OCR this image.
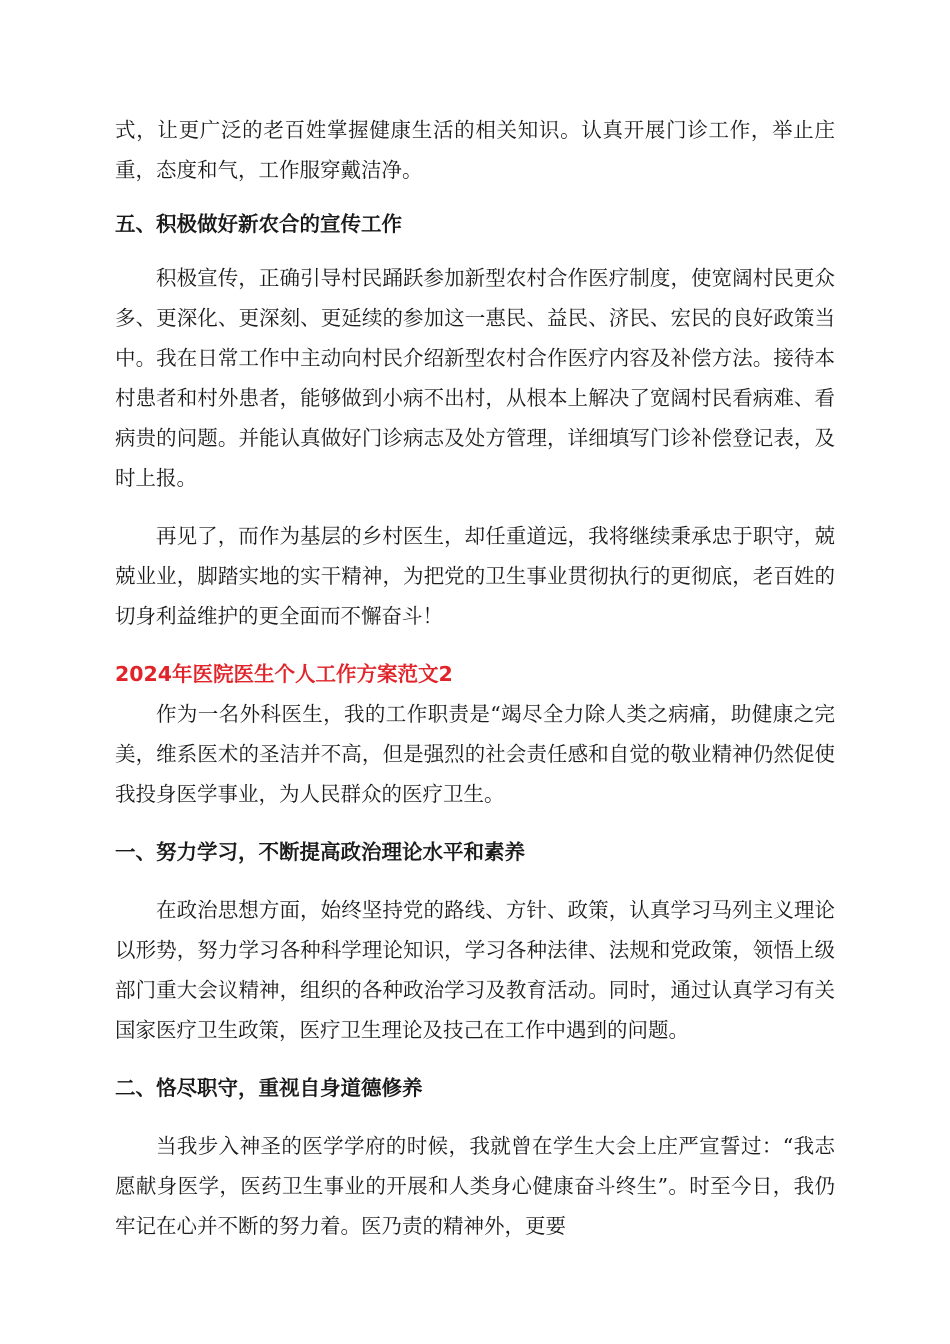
式，让更广泛的老百姓掌握健康生活的相关知识。认真开展门诊工作，举止庄重，态度和气，工作服穿戴洁净。

五、积极做好新农合的宣传工作

积极宣传，正确引导村民踊跃参加新型农村合作医疗制度，使宽阔村民更众多、更深化、更深刻、更延续的参加这一惠民、益民、济民、宏民的良好政策当中。我在日常工作中主动向村民介绍新型农村合作医疗内容及补偿方法。接待本村患者和村外患者，能够做到小病不出村，从根本上解决了宽阔村民看病难、看病贵的问题。并能认真做好门诊病志及处方管理，详细填写门诊补偿登记表，及时上报。

再见了，而作为基层的乡村医生，却任重道远，我将继续秉承忠于职守，兢兢业业，脚踏实地的实干精神，为把党的卫生事业贯彻执行的更彻底，老百姓的切身利益维护的更全面而不懈奋斗！

2024年医院医生个人工作方案范文2

作为一名外科医生，我的工作职责是“竭尽全力除人类之病痛，助健康之完美，维系医术的圣洁并不高，但是强烈的社会责任感和自觉的敬业精神仍然促使我投身医学事业，为人民群众的医疗卫生。

一、努力学习，不断提高政治理论水平和素养

在政治思想方面，始终坚持党的路线、方针、政策，认真学习马列主义理论以形势，努力学习各种科学理论知识，学习各种法律、法规和党政策，领悟上级部门重大会议精神，组织的各种政治学习及教育活动。同时，通过认真学习有关国家医疗卫生政策，医疗卫生理论及技己在工作中遇到的问题。

二、恪尽职守，重视自身道德修养

当我步入神圣的医学学府的时候，我就曾在学生大会上庄严宣誓过：“我志愿献身医学，医药卫生事业的开展和人类身心健康奋斗终生”。时至今日，我仍牢记在心并不断的努力着。医乃责的精神外，更要
